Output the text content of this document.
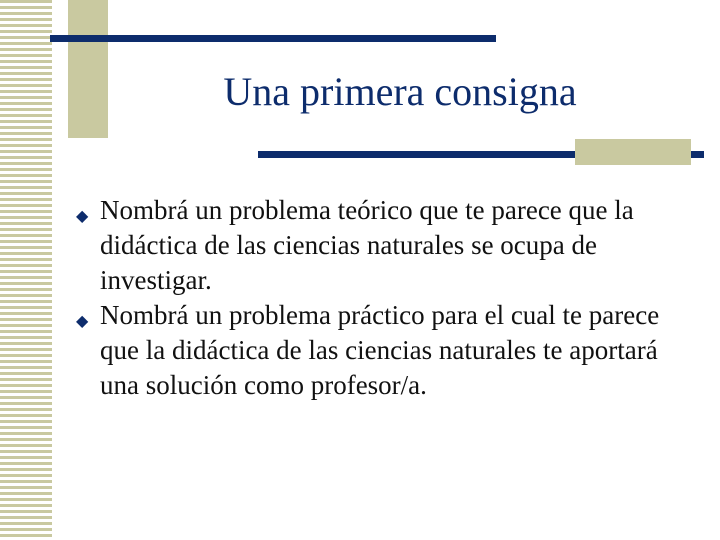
Una primera consigna
◆ Nombrá un problema teórico que te parece que la didáctica de las ciencias naturales se ocupa de investigar.
◆ Nombrá un problema práctico para el cual te parece que la didáctica de las ciencias naturales te aportará una solución como profesor/a.
